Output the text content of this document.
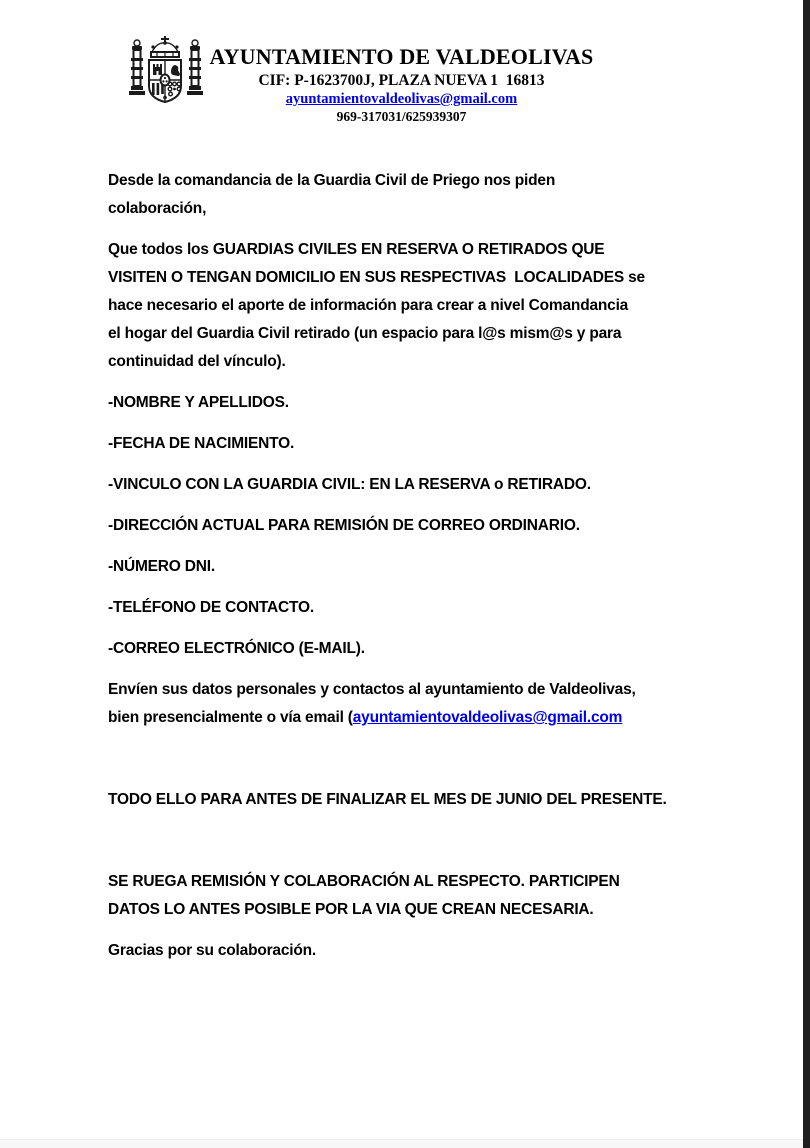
AYUNTAMIENTO DE VALDEOLIVAS
CIF: P-1623700J, PLAZA NUEVA 1  16813
ayuntamientovaldeolivas@gmail.com
969-317031/625939307

Desde la comandancia de la Guardia Civil de Priego nos piden
colaboración,

Que todos los GUARDIAS CIVILES EN RESERVA O RETIRADOS QUE
VISITEN O TENGAN DOMICILIO EN SUS RESPECTIVAS  LOCALIDADES se
hace necesario el aporte de información para crear a nivel Comandancia
el hogar del Guardia Civil retirado (un espacio para l@s mism@s y para
continuidad del vínculo).

-NOMBRE Y APELLIDOS.

-FECHA DE NACIMIENTO.

-VINCULO CON LA GUARDIA CIVIL: EN LA RESERVA o RETIRADO.

-DIRECCIÓN ACTUAL PARA REMISIÓN DE CORREO ORDINARIO.

-NÚMERO DNI.

-TELÉFONO DE CONTACTO.

-CORREO ELECTRÓNICO (E-MAIL).

Envíen sus datos personales y contactos al ayuntamiento de Valdeolivas,
bien presencialmente o vía email (ayuntamientovaldeolivas@gmail.com

TODO ELLO PARA ANTES DE FINALIZAR EL MES DE JUNIO DEL PRESENTE.

SE RUEGA REMISIÓN Y COLABORACIÓN AL RESPECTO. PARTICIPEN
DATOS LO ANTES POSIBLE POR LA VIA QUE CREAN NECESARIA.

Gracias por su colaboración.
